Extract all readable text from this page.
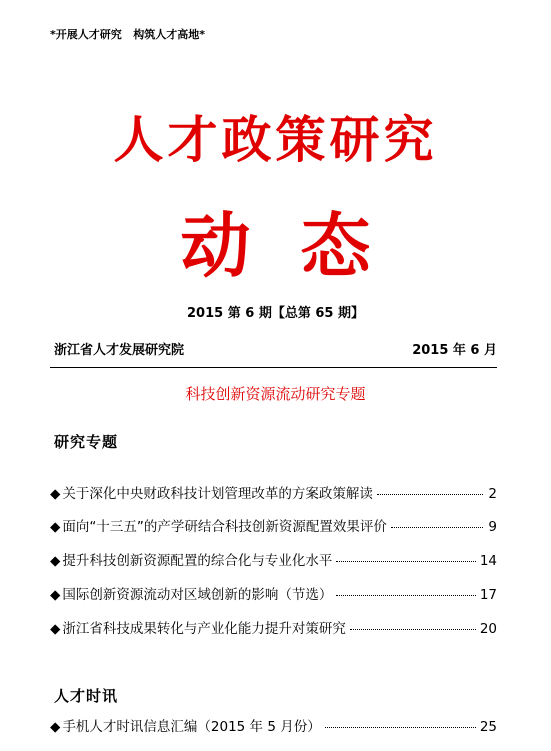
*开展人才研究   构筑人才高地*
人才政策研究
动态
2015 第 6 期【总第 65 期】
浙江省人才发展研究院	2015 年 6 月
科技创新资源流动研究专题
研究专题
◆ 关于深化中央财政科技计划管理改革的方案政策解读	2
◆ 面向“十三五”的产学研结合科技创新资源配置效果评价	9
◆ 提升科技创新资源配置的综合化与专业化水平	14
◆ 国际创新资源流动对区域创新的影响（节选）	17
◆ 浙江省科技成果转化与产业化能力提升对策研究	20
人才时讯
◆ 手机人才时讯信息汇编（2015 年 5 月份）	25
